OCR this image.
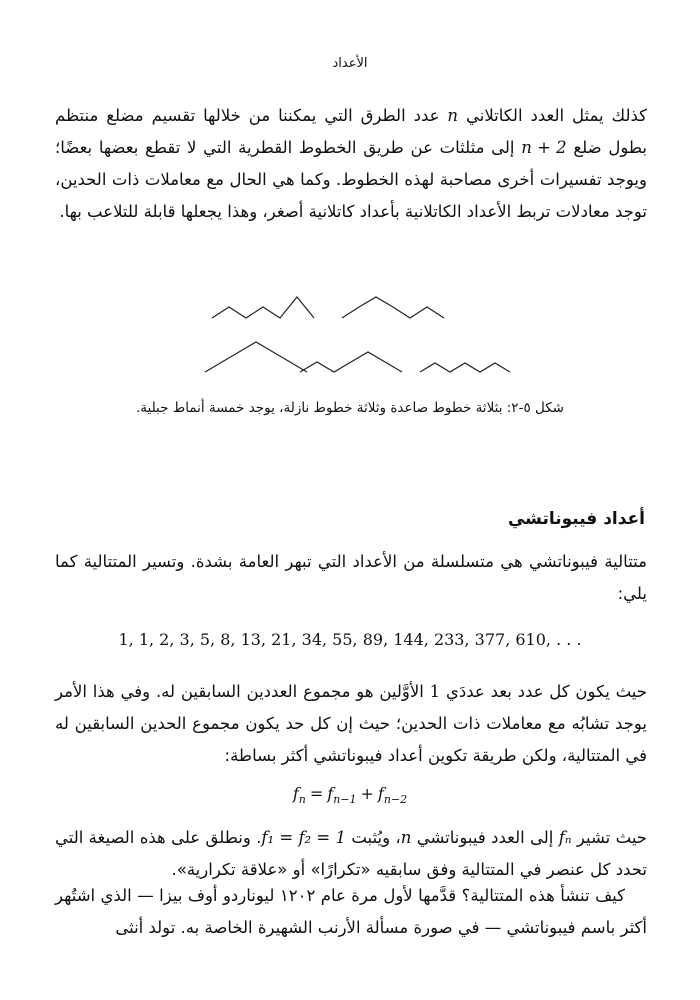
الأعداد

كذلك يمثل العدد الكاتلاني n عدد الطرق التي يمكننا من خلالها تقسيم مضلع منتظم بطول ضلع n + 2 إلى مثلثات عن طريق الخطوط القطرية التي لا تقطع بعضها بعضًا؛ ويوجد تفسيرات أخرى مصاحبة لهذه الخطوط. وكما هي الحال مع معاملات ذات الحدين، توجد معادلات تربط الأعداد الكاتلانية بأعداد كاتلانية أصغر، وهذا يجعلها قابلة للتلاعب بها.

شكل ٥-٢: بثلاثة خطوط صاعدة وثلاثة خطوط نازلة، يوجد خمسة أنماط جبلية.
أعداد فيبوناتشي

متتالية فيبوناتشي هي متسلسلة من الأعداد التي تبهر العامة بشدة. وتسير المتتالية كما يلي:

1, 1, 2, 3, 5, 8, 13, 21, 34, 55, 89, 144, 233, 377, 610, . . .

حيث يكون كل عدد بعد عددَي 1 الأوَّلين هو مجموع العددين السابقين له. وفي هذا الأمر يوجد تشابُه مع معاملات ذات الحدين؛ حيث إن كل حد يكون مجموع الحدين السابقين له في المتتالية، ولكن طريقة تكوين أعداد فيبوناتشي أكثر بساطة:

$f_n = f_{n-1} + f_{n-2}$

حيث تشير fₙ إلى العدد فيبوناتشي n، ويُثبت f₁ = f₂ = 1. ونطلق على هذه الصيغة التي تحدد كل عنصر في المتتالية وفق سابقيه «تكرارًا» أو «علاقة تكرارية».

كيف تنشأ هذه المتتالية؟ قدَّمها لأول مرة عام ١٢٠٢ ليوناردو أوف بيزا — الذي اشتُهر أكثر باسم فيبوناتشي — في صورة مسألة الأرنب الشهيرة الخاصة به. تولد أنثى
